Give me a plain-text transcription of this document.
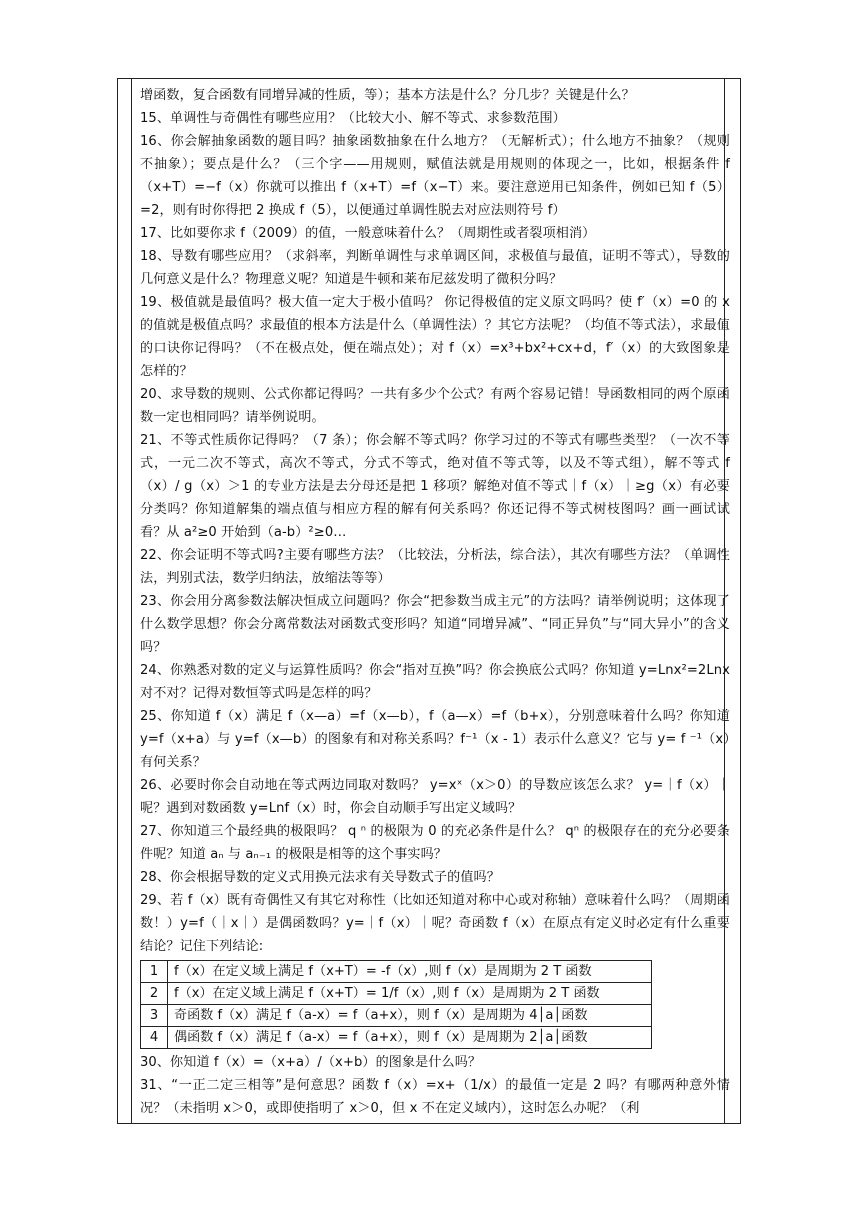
增函数，复合函数有同增异减的性质，等）；基本方法是什么？分几步？关键是什么？

15、单调性与奇偶性有哪些应用？（比较大小、解不等式、求参数范围）

16、你会解抽象函数的题目吗？抽象函数抽象在什么地方？（无解析式）；什么地方不抽象？（规则不抽象）；要点是什么？（三个字——用规则，赋值法就是用规则的体现之一，比如，根据条件 f（x+T）=−f（x）你就可以推出 f（x+T）=f（x−T）来。要注意逆用已知条件，例如已知 f（5）=2，则有时你得把 2 换成 f（5），以便通过单调性脱去对应法则符号 f）

17、比如要你求 f（2009）的值，一般意味着什么？（周期性或者裂项相消）

18、导数有哪些应用？（求斜率，判断单调性与求单调区间，求极值与最值，证明不等式），导数的几何意义是什么？物理意义呢？知道是牛顿和莱布尼兹发明了微积分吗？

19、极值就是最值吗？极大值一定大于极小值吗？ 你记得极值的定义原文吗吗？使 f′（x）=0 的 x 的值就是极值点吗？求最值的根本方法是什么（单调性法）？其它方法呢？（均值不等式法），求最值的口诀你记得吗？（不在极点处，便在端点处）；对 f（x）=x³+bx²+cx+d，f′（x）的大致图象是怎样的？

20、求导数的规则、公式你都记得吗？一共有多少个公式？有两个容易记错！导函数相同的两个原函数一定也相同吗？请举例说明。

21、不等式性质你记得吗？（7 条）；你会解不等式吗？你学习过的不等式有哪些类型？（一次不等式，一元二次不等式，高次不等式，分式不等式，绝对值不等式等，以及不等式组），解不等式 f（x）/ g（x）＞1 的专业方法是去分母还是把 1 移项？解绝对值不等式｜f（x）｜≥g（x）有必要分类吗？你知道解集的端点值与相应方程的解有何关系吗？你还记得不等式树枝图吗？画一画试试看？从 a²≥0 开始到（a-b）²≥0…

22、你会证明不等式吗?主要有哪些方法？（比较法，分析法，综合法），其次有哪些方法？（单调性法，判别式法，数学归纳法，放缩法等等）

23、你会用分离参数法解决恒成立问题吗？你会“把参数当成主元”的方法吗？请举例说明；这体现了什么数学思想？你会分离常数法对函数式变形吗？知道“同增异减”、“同正异负”与“同大异小”的含义吗？

24、你熟悉对数的定义与运算性质吗？你会“指对互换”吗？你会换底公式吗？你知道 y=Lnx²=2Lnx 对不对？记得对数恒等式吗是怎样的吗？

25、你知道 f（x）满足 f（x—a）=f（x—b），f（a—x）=f（b+x），分别意味着什么吗？你知道 y=f（x+a）与 y=f（x—b）的图象有和对称关系吗？f⁻¹（x - 1）表示什么意义？它与 y= f ⁻¹（x）有何关系？

26、必要时你会自动地在等式两边同取对数吗？ y=xˣ（x＞0）的导数应该怎么求？ y=｜f（x）｜呢？遇到对数函数 y=Lnf（x）时，你会自动顺手写出定义域吗？

27、你知道三个最经典的极限吗？ q ⁿ 的极限为 0 的充必条件是什么？ qⁿ 的极限存在的充分必要条件呢？知道 aₙ 与 aₙ₋₁ 的极限是相等的这个事实吗？

28、你会根据导数的定义式用换元法求有关导数式子的值吗？

29、若 f（x）既有奇偶性又有其它对称性（比如还知道对称中心或对称轴）意味着什么吗？（周期函数！）y=f（｜x｜）是偶函数吗？y=｜f（x）｜呢？奇函数 f（x）在原点有定义时必定有什么重要结论？记住下列结论:

1	f（x）在定义域上满足 f（x+T）= -f（x）,则 f（x）是周期为 2 T 函数
2	f（x）在定义域上满足 f（x+T）= 1/f（x）,则 f（x）是周期为 2 T 函数
3	奇函数 f（x）满足 f（a-x）= f（a+x），则 f（x）是周期为 4│a│函数
4	偶函数 f（x）满足 f（a-x）= f（a+x），则 f（x）是周期为 2│a│函数

30、你知道 f（x）=（x+a）/（x+b）的图象是什么吗？

31、“一正二定三相等”是何意思？函数 f（x）=x+（1/x）的最值一定是 2 吗？有哪两种意外情况？（未指明 x＞0，或即使指明了 x＞0，但 x 不在定义域内），这时怎么办呢？（利
